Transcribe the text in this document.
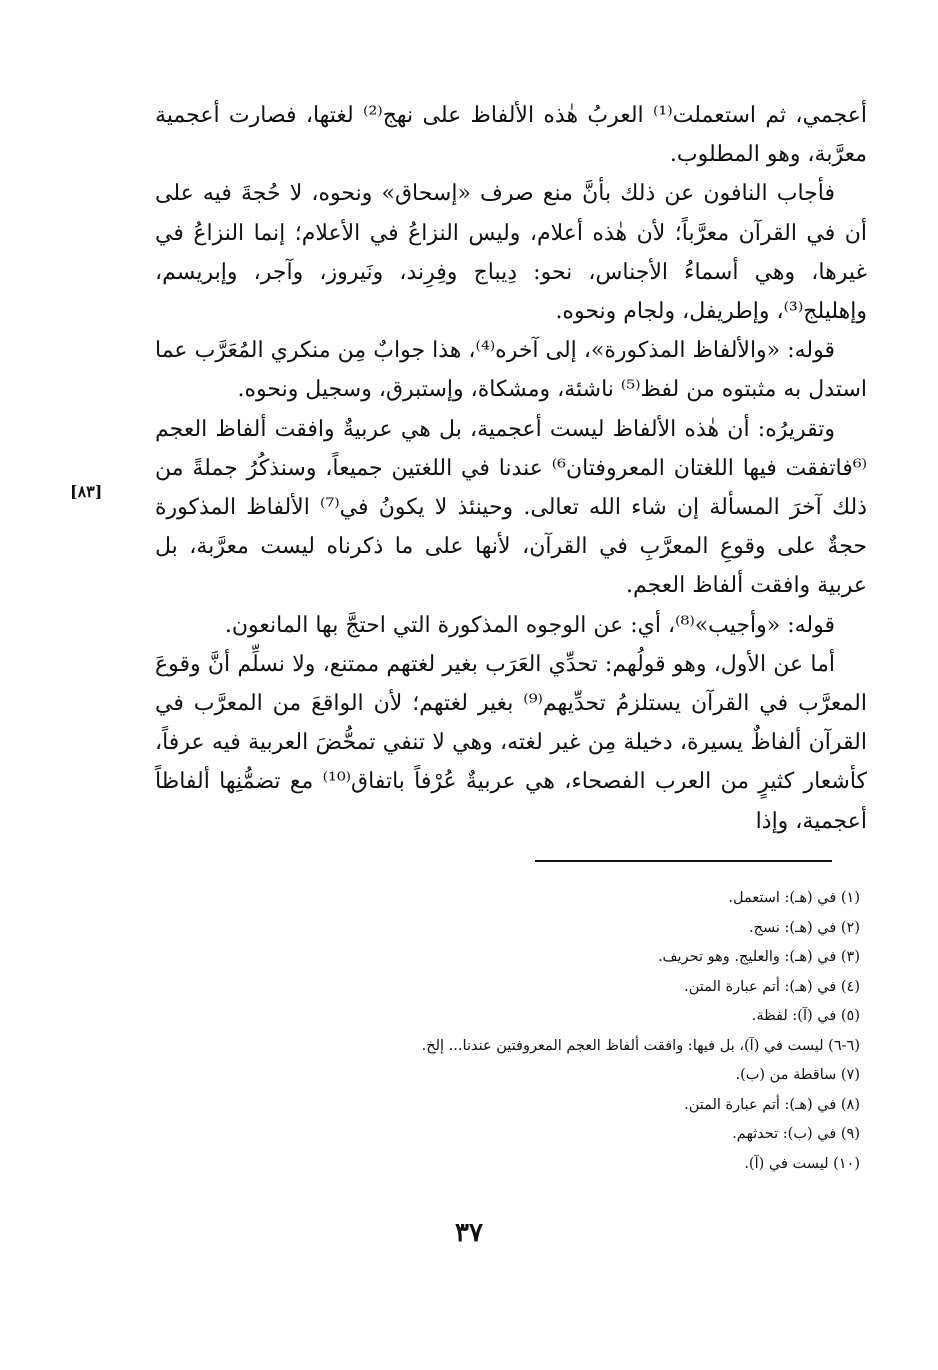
[٨٣]

أعجمي، ثم استعملت⁽¹⁾ العربُ هٰذه الألفاظ على نهج⁽²⁾ لغتها، فصارت أعجمية معرَّبة، وهو المطلوب.

فأجاب النافون عن ذلك بأنَّ منع صرف «إسحاق» ونحوه، لا حُجةَ فيه على أن في القرآن معرَّباً؛ لأن هٰذه أعلام، وليس النزاعُ في الأعلام؛ إنما النزاعُ في غيرها، وهي أسماءُ الأجناس، نحو: دِيباج وفِرِند، ونَيروز، وآجر، وإبريسم، وإهليلج⁽³⁾، وإطريفل، ولجام ونحوه.

قوله: «والألفاظ المذكورة»، إلى آخره⁽⁴⁾، هذا جوابٌ مِن منكري المُعَرَّب عما استدل به مثبتوه من لفظ⁽⁵⁾ ناشئة، ومشكاة، وإستبرق، وسجيل ونحوه.

وتقريرُه: أن هٰذه الألفاظ ليست أعجمية، بل هي عربيةٌ وافقت ألفاظ العجم ⁽⁶فاتفقت فيها اللغتان المعروفتان⁶⁾ عندنا في اللغتين جميعاً، وسنذكُرُ جملةً من ذلك آخرَ المسألة إن شاء الله تعالى. وحينئذ لا يكونُ في⁽⁷⁾ الألفاظ المذكورة حجةٌ على وقوعِ المعرَّبِ في القرآن، لأنها على ما ذكرناه ليست معرَّبة، بل عربية وافقت ألفاظ العجم.

قوله: «وأجيب»⁽⁸⁾، أي: عن الوجوه المذكورة التي احتجَّ بها المانعون.

أما عن الأول، وهو قولُهم: تحدِّي العَرَب بغير لغتهم ممتنع، ولا نسلِّم أنَّ وقوعَ المعرَّب في القرآن يستلزمُ تحدِّيهم⁽⁹⁾ بغير لغتهم؛ لأن الواقعَ من المعرَّب في القرآن ألفاظٌ يسيرة، دخيلة مِن غير لغته، وهي لا تنفي تمحُّضَ العربية فيه عرفاً، كأشعار كثيرٍ من العرب الفصحاء، هي عربيةٌ عُرْفاً باتفاق⁽¹⁰⁾ مع تضمُّنِها ألفاظاً أعجمية، وإذا

(١) في (هـ): استعمل.

(٢) في (هـ): نسج.

(٣) في (هـ): والعليج. وهو تحريف.

(٤) في (هـ): أتم عبارة المتن.

(٥) في (آ): لفظة.

(٦-٦) ليست في (آ)، بل فيها: وافقت ألفاظ العجم المعروفتين عندنا... إلخ.

(٧) ساقطة من (ب).

(٨) في (هـ): أتم عبارة المتن.

(٩) في (ب): تحدثهم.

(١٠) ليست في (آ).

٣٧
